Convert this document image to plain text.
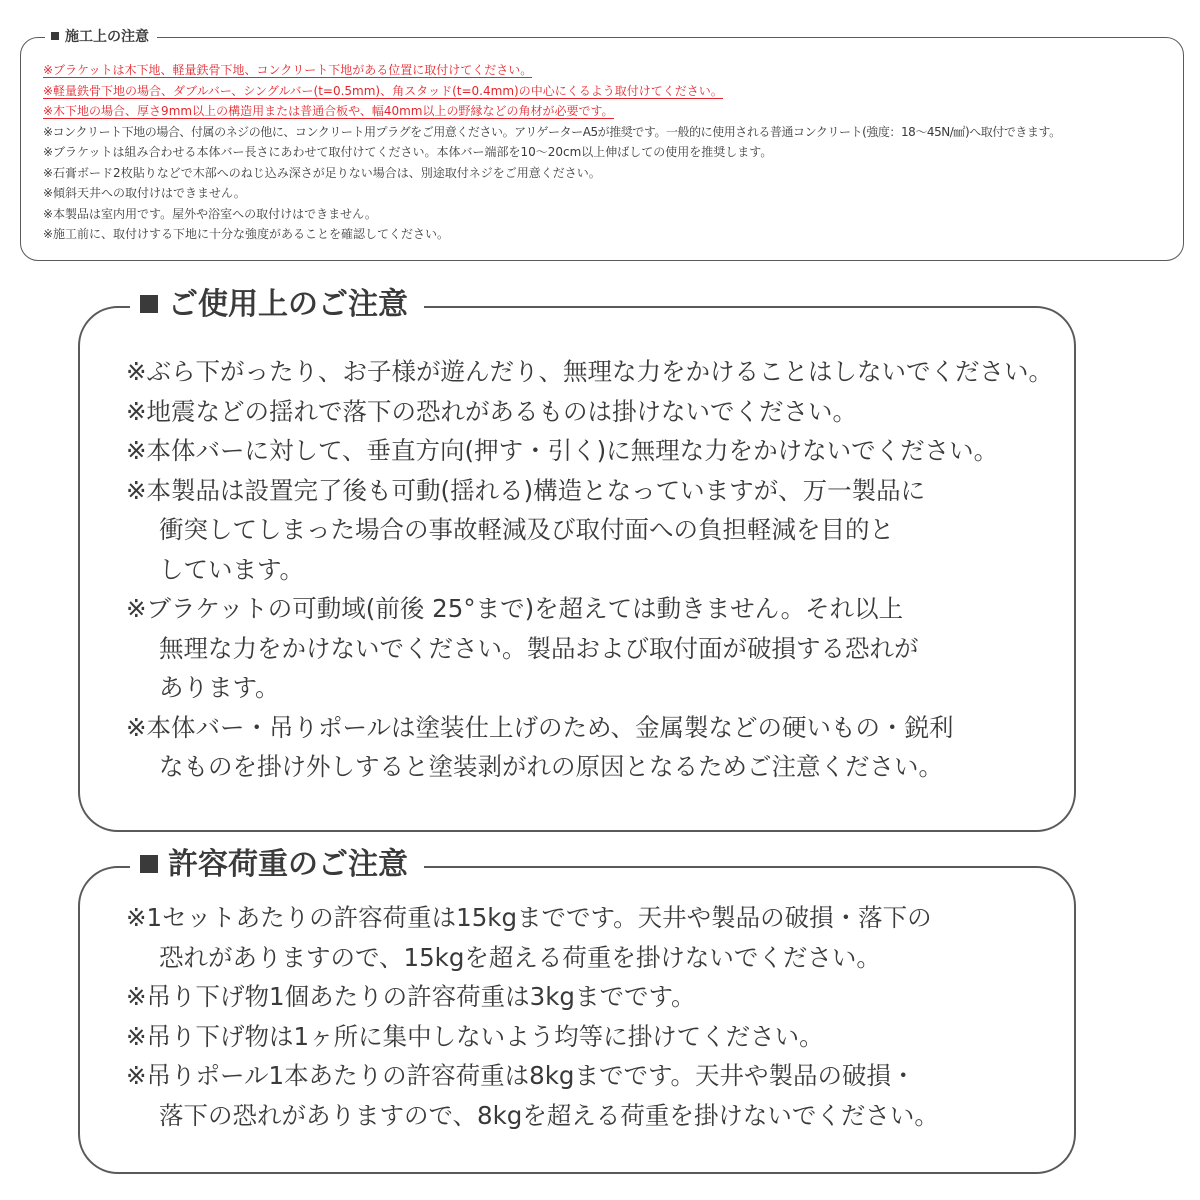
施工上の注意
※ブラケットは木下地、軽量鉄骨下地、コンクリート下地がある位置に取付けてください。
※軽量鉄骨下地の場合、ダブルバー、シングルバー(t=0.5mm)、角スタッド(t=0.4mm)の中心にくるよう取付けてください。
※木下地の場合、厚さ9mm以上の構造用または普通合板や、幅40mm以上の野縁などの角材が必要です。
※コンクリート下地の場合、付属のネジの他に、コンクリート用プラグをご用意ください。アリゲーターA5が推奨です。一般的に使用される普通コンクリート(強度：18〜45N/㎟)へ取付できます。
※ブラケットは組み合わせる本体バー長さにあわせて取付けてください。本体バー端部を10〜20cm以上伸ばしての使用を推奨します。
※石膏ボード2枚貼りなどで木部へのねじ込み深さが足りない場合は、別途取付ネジをご用意ください。
※傾斜天井への取付けはできません。
※本製品は室内用です。屋外や浴室への取付けはできません。
※施工前に、取付けする下地に十分な強度があることを確認してください。
ご使用上のご注意
※ぶら下がったり、お子様が遊んだり、無理な力をかけることはしないでください。
※地震などの揺れで落下の恐れがあるものは掛けないでください。
※本体バーに対して、垂直方向(押す・引く)に無理な力をかけないでください。
※本製品は設置完了後も可動(揺れる)構造となっていますが、万一製品に
衝突してしまった場合の事故軽減及び取付面への負担軽減を目的と
しています。
※ブラケットの可動域(前後 25°まで)を超えては動きません。それ以上
無理な力をかけないでください。製品および取付面が破損する恐れが
あります。
※本体バー・吊りポールは塗装仕上げのため、金属製などの硬いもの・鋭利
なものを掛け外しすると塗装剥がれの原因となるためご注意ください。
許容荷重のご注意
※1セットあたりの許容荷重は15kgまでです。天井や製品の破損・落下の
恐れがありますので、15kgを超える荷重を掛けないでください。
※吊り下げ物1個あたりの許容荷重は3kgまでです。
※吊り下げ物は1ヶ所に集中しないよう均等に掛けてください。
※吊りポール1本あたりの許容荷重は8kgまでです。天井や製品の破損・
落下の恐れがありますので、8kgを超える荷重を掛けないでください。
